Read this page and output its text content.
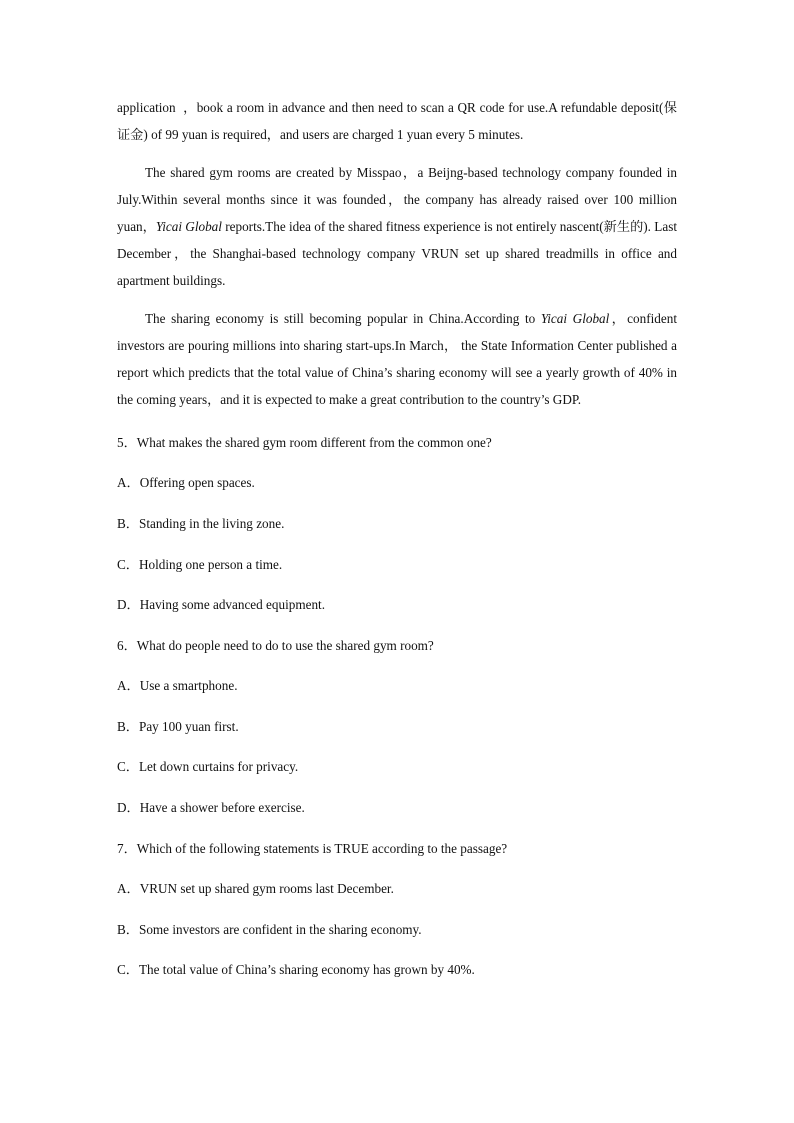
application  ，book a room in advance and then need to scan a QR code for use.A refundable deposit(保证金) of 99 yuan is required，and users are charged 1 yuan every 5 minutes.

The shared gym rooms are created by Misspao，a Beijng-based technology company founded in July.Within several months since it was founded，the company has already raised over 100 million yuan，Yicai Global reports.The idea of the shared fitness experience is not entirely nascent(新生的). Last December，the Shanghai-based technology company VRUN set up shared treadmills in office and apartment buildings.

The sharing economy is still becoming popular in China.According to Yicai Global，confident investors are pouring millions into sharing start-ups.In March， the State Information Center published a report which predicts that the total value of China’s sharing economy will see a yearly growth of 40% in the coming years，and it is expected to make a great contribution to the country’s GDP.

5．What makes the shared gym room different from the common one?

A．Offering open spaces.

B．Standing in the living zone.

C．Holding one person a time.

D．Having some advanced equipment.

6．What do people need to do to use the shared gym room?

A．Use a smartphone.

B．Pay 100 yuan first.

C．Let down curtains for privacy.

D．Have a shower before exercise.

7．Which of the following statements is TRUE according to the passage?

A．VRUN set up shared gym rooms last December.

B．Some investors are confident in the sharing economy.

C．The total value of China’s sharing economy has grown by 40%.
